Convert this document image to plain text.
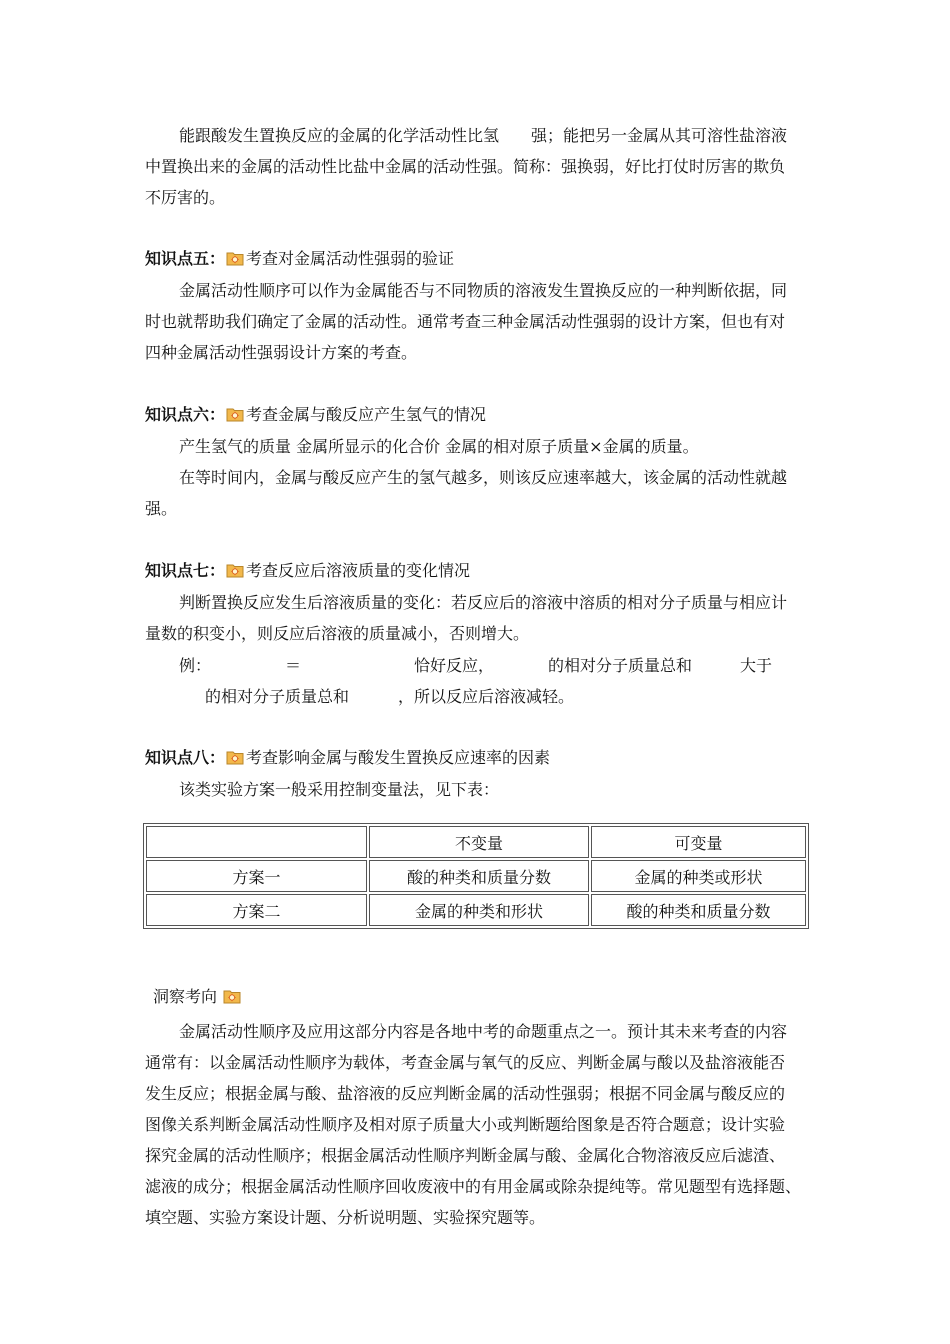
能跟酸发生置换反应的金属的化学活动性比氢　　强；能把另一金属从其可溶性盐溶液
中置换出来的金属的活动性比盐中金属的活动性强。简称：强换弱，好比打仗时厉害的欺负
不厉害的。
知识点五： 考查对金属活动性强弱的验证
金属活动性顺序可以作为金属能否与不同物质的溶液发生置换反应的一种判断依据，同
时也就帮助我们确定了金属的活动性。通常考查三种金属活动性强弱的设计方案，但也有对
四种金属活动性强弱设计方案的考查。
知识点六： 考查金属与酸反应产生氢气的情况
产生氢气的质量 金属所显示的化合价 金属的相对原子质量×金属的质量。
在等时间内，金属与酸反应产生的氢气越多，则该反应速率越大，该金属的活动性就越
强。
知识点七： 考查反应后溶液质量的变化情况
判断置换反应发生后溶液质量的变化：若反应后的溶液中溶质的相对分子质量与相应计
量数的积变小，则反应后溶液的质量减小，否则增大。
例：	＝	恰好反应，	的相对分子质量总和	大于
的相对分子质量总和	，所以反应后溶液减轻。
知识点八： 考查影响金属与酸发生置换反应速率的因素
该类实验方案一般采用控制变量法，见下表：
	不变量	可变量
方案一	酸的种类和质量分数	金属的种类或形状
方案二	金属的种类和形状	酸的种类和质量分数
洞察考向
金属活动性顺序及应用这部分内容是各地中考的命题重点之一。预计其未来考查的内容
通常有：以金属活动性顺序为载体，考查金属与氧气的反应、判断金属与酸以及盐溶液能否
发生反应；根据金属与酸、盐溶液的反应判断金属的活动性强弱；根据不同金属与酸反应的
图像关系判断金属活动性顺序及相对原子质量大小或判断题给图象是否符合题意；设计实验
探究金属的活动性顺序；根据金属活动性顺序判断金属与酸、金属化合物溶液反应后滤渣、
滤液的成分；根据金属活动性顺序回收废液中的有用金属或除杂提纯等。常见题型有选择题、
填空题、实验方案设计题、分析说明题、实验探究题等。
